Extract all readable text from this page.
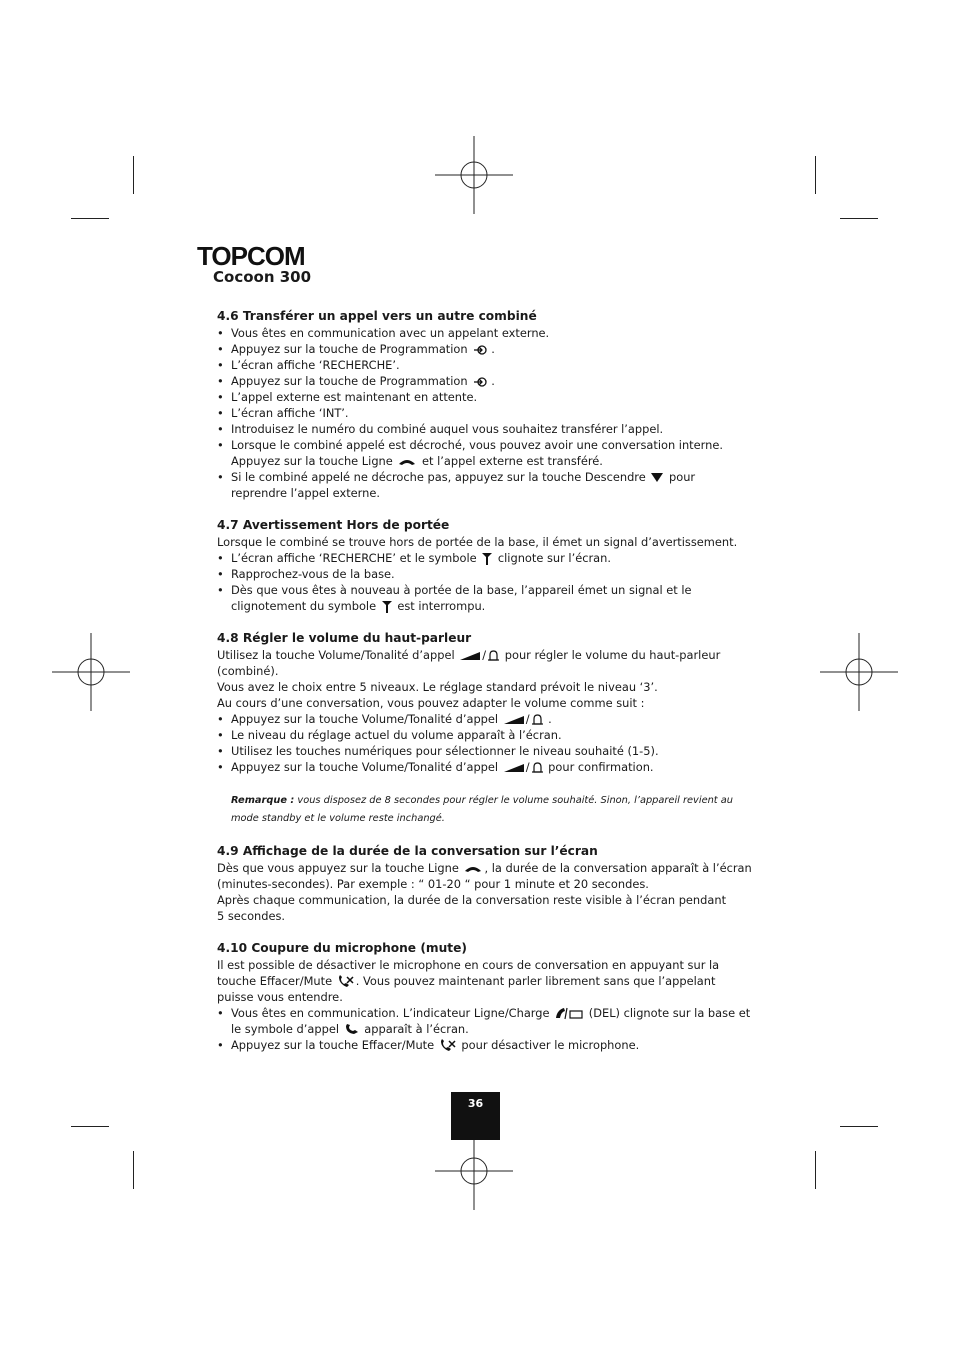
TOPCOM
Cocoon 300
4.6 Transférer un appel vers un autre combiné
• Vous êtes en communication avec un appelant externe.
• Appuyez sur la touche de Programmation .
• L’écran affiche ‘RECHERCHE’.
• Appuyez sur la touche de Programmation .
• L’appel externe est maintenant en attente.
• L’écran affiche ‘INT’.
• Introduisez le numéro du combiné auquel vous souhaitez transférer l’appel.
• Lorsque le combiné appelé est décroché, vous pouvez avoir une conversation interne.
Appuyez sur la touche Ligne  et l’appel externe est transféré.
• Si le combiné appelé ne décroche pas, appuyez sur la touche Descendre  pour reprendre l’appel externe.
4.7 Avertissement Hors de portée

Lorsque le combiné se trouve hors de portée de la base, il émet un signal d’avertissement.

• L’écran affiche ‘RECHERCHE’ et le symbole  clignote sur l’écran.
• Rapprochez-vous de la base.
• Dès que vous êtes à nouveau à portée de la base, l’appareil émet un signal et le clignotement du symbole  est interrompu.
4.8 Régler le volume du haut-parleur

Utilisez la touche Volume/Tonalité d’appel / pour régler le volume du haut-parleur (combiné).
Vous avez le choix entre 5 niveaux. Le réglage standard prévoit le niveau ‘3’.
Au cours d’une conversation, vous pouvez adapter le volume comme suit :

• Appuyez sur la touche Volume/Tonalité d’appel / .
• Le niveau du réglage actuel du volume apparaît à l’écran.
• Utilisez les touches numériques pour sélectionner le niveau souhaité (1-5).
• Appuyez sur la touche Volume/Tonalité d’appel / pour confirmation.
Remarque : vous disposez de 8 secondes pour régler le volume souhaité. Sinon, l’appareil revient au mode standby et le volume reste inchangé.
4.9 Affichage de la durée de la conversation sur l’écran

Dès que vous appuyez sur la touche Ligne , la durée de la conversation apparaît à l’écran (minutes-secondes). Par exemple : “ 01-20 “ pour 1 minute et 20 secondes.
Après chaque communication, la durée de la conversation reste visible à l’écran pendant
5 secondes.

4.10 Coupure du microphone (mute)

Il est possible de désactiver le microphone en cours de conversation en appuyant sur la touche Effacer/Mute . Vous pouvez maintenant parler librement sans que l’appelant puisse vous entendre.

• Vous êtes en communication. L’indicateur Ligne/Charge	(DEL) clignote sur la base et le symbole d’appel  apparaît à l’écran.
• Appuyez sur la touche Effacer/Mute  pour désactiver le microphone.
36
